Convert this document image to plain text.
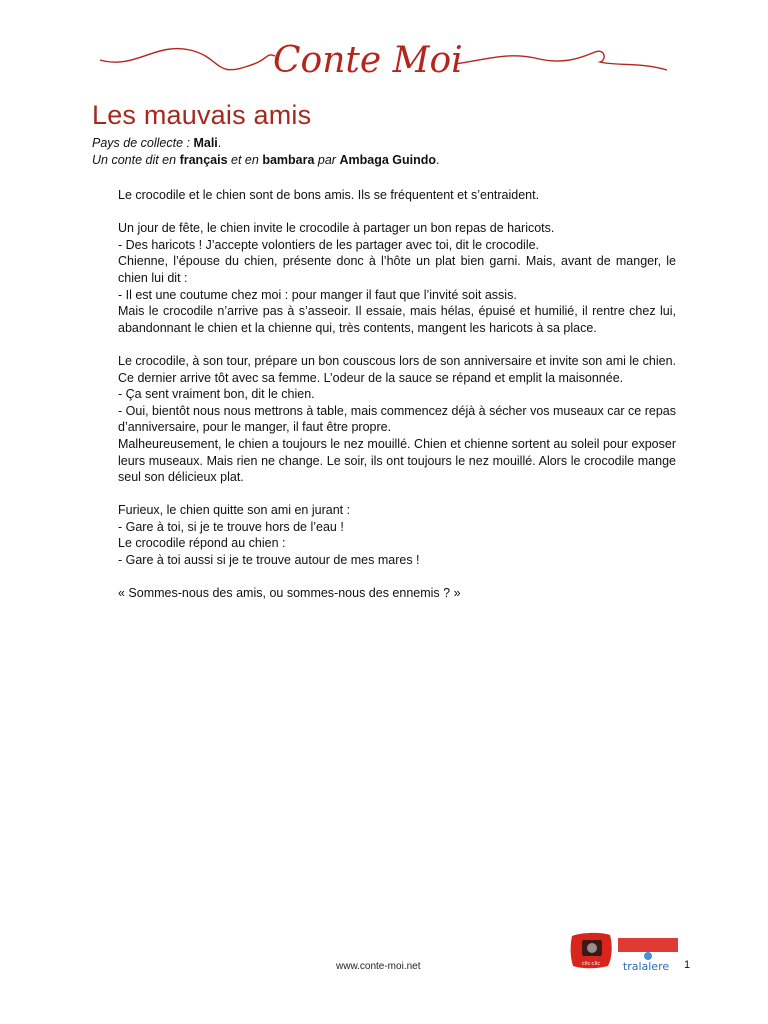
Conte Moi
Les mauvais amis
Pays de collecte : Mali.
Un conte dit en français et en bambara par Ambaga Guindo.

Le crocodile et le chien sont de bons amis. Ils se fréquentent et s’entraident.

Un jour de fête, le chien invite le crocodile à partager un bon repas de haricots.

- Des haricots ! J’accepte volontiers de les partager avec toi, dit le crocodile.

Chienne, l’épouse du chien, présente donc à l’hôte un plat bien garni. Mais, avant de manger, le chien lui dit :

- Il est une coutume chez moi : pour manger il faut que l’invité soit assis.

Mais le crocodile n’arrive pas à s’asseoir. Il essaie, mais hélas, épuisé et humilié, il rentre chez lui, abandonnant le chien et la chienne qui, très contents, mangent les haricots à sa place.

Le crocodile, à son tour, prépare un bon couscous lors de son anniversaire et invite son ami le chien. Ce dernier arrive tôt avec sa femme. L’odeur de la sauce se répand et emplit la maisonnée.

- Ça sent vraiment bon, dit le chien.

- Oui, bientôt nous nous mettrons à table, mais commencez déjà à sécher vos museaux car ce repas d’anniversaire, pour le manger, il faut être propre.

Malheureusement, le chien a toujours le nez mouillé. Chien et chienne sortent au soleil pour exposer leurs museaux. Mais rien ne change. Le soir, ils ont toujours le nez mouillé. Alors le crocodile mange seul son délicieux plat.

Furieux, le chien quitte son ami en jurant :

- Gare à toi, si je te trouve hors de l’eau !

Le crocodile répond au chien :

- Gare à toi aussi si je te trouve autour de mes mares !

« Sommes-nous des amis, ou sommes-nous des ennemis ? »

www.conte-moi.net	clic-clic tralalere 1
